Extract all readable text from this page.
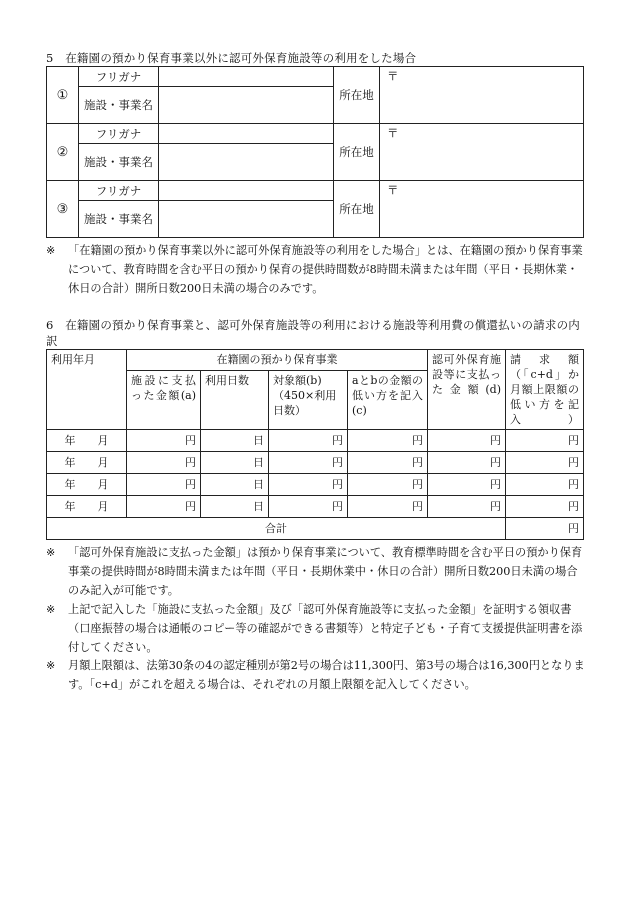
5　在籍園の預かり保育事業以外に認可外保育施設等の利用をした場合
①	フリガナ		所在地	〒
	施設・事業名			
②	フリガナ		所在地	〒
	施設・事業名			
③	フリガナ		所在地	〒
	施設・事業名			
※ 「在籍園の預かり保育事業以外に認可外保育施設等の利用をした場合」とは、在籍園の預かり保育事業について、教育時間を含む平日の預かり保育の提供時間数が8時間未満または年間（平日・長期休業・休日の合計）開所日数200日未満の場合のみです。
6　在籍園の預かり保育事業と、認可外保育施設等の利用における施設等利用費の償還払いの請求の内訳
利用年月	在籍園の預かり保育事業				認可外保育施設等に支払った金額(d)	請求額（「c+d」か月額上限額の低い方を記入）
	施設に支払った金額(a)	利用日数	対象額(b)（450×利用日数）	aとbの金額の低い方を記入(c)		
年　　 月	円	日	円	円	円	円
年　　 月	円	日	円	円	円	円
年　　 月	円	日	円	円	円	円
年　　 月	円	日	円	円	円	円
合計						円
※ 「認可外保育施設に支払った金額」は預かり保育事業について、教育標準時間を含む平日の預かり保育事業の提供時間が8時間未満または年間（平日・長期休業中・休日の合計）開所日数200日未満の場合のみ記入が可能です。
※ 上記で記入した「施設に支払った金額」及び「認可外保育施設等に支払った金額」を証明する領収書（口座振替の場合は通帳のコピー等の確認ができる書類等）と特定子ども・子育て支援提供証明書を添付してください。
※ 月額上限額は、法第30条の4の認定種別が第2号の場合は11,300円、第3号の場合は16,300円となります。「c+d」がこれを超える場合は、それぞれの月額上限額を記入してください。
